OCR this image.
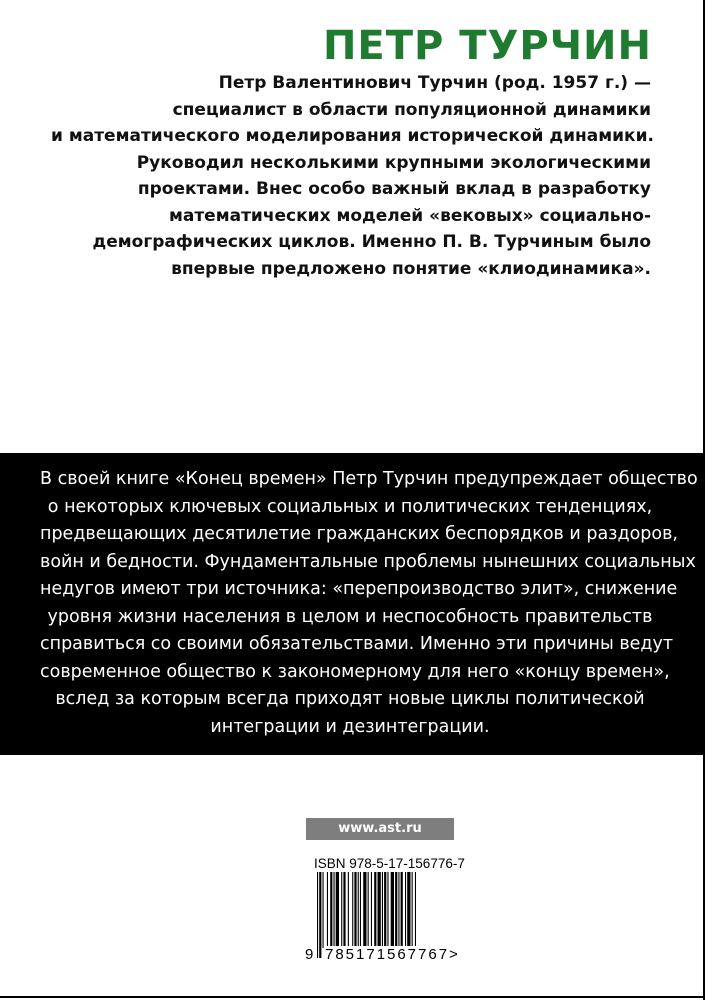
ПЕТР ТУРЧИН
Петр Валентинович Турчин (род. 1957 г.) —
специалист в области популяционной динамики
и математического моделирования исторической динамики.
Руководил несколькими крупными экологическими
проектами. Внес особо важный вклад в разработку
математических моделей «вековых» социально-
демографических циклов. Именно П. В. Турчиным было
впервые предложено понятие «клиодинамика».
В своей книге «Конец времен» Петр Турчин предупреждает общество
о некоторых ключевых социальных и политических тенденциях,
предвещающих десятилетие гражданских беспорядков и раздоров,
войн и бедности. Фундаментальные проблемы нынешних социальных
недугов имеют три источника: «перепроизводство элит», снижение
уровня жизни населения в целом и неспособность правительств
справиться со своими обязательствами. Именно эти причины ведут
современное общество к закономерному для него «концу времен»,
вслед за которым всегда приходят новые циклы политической
интеграции и дезинтеграции.
www.ast.ru
ISBN 978-5-17-156776-7
9 785171 567767 >
